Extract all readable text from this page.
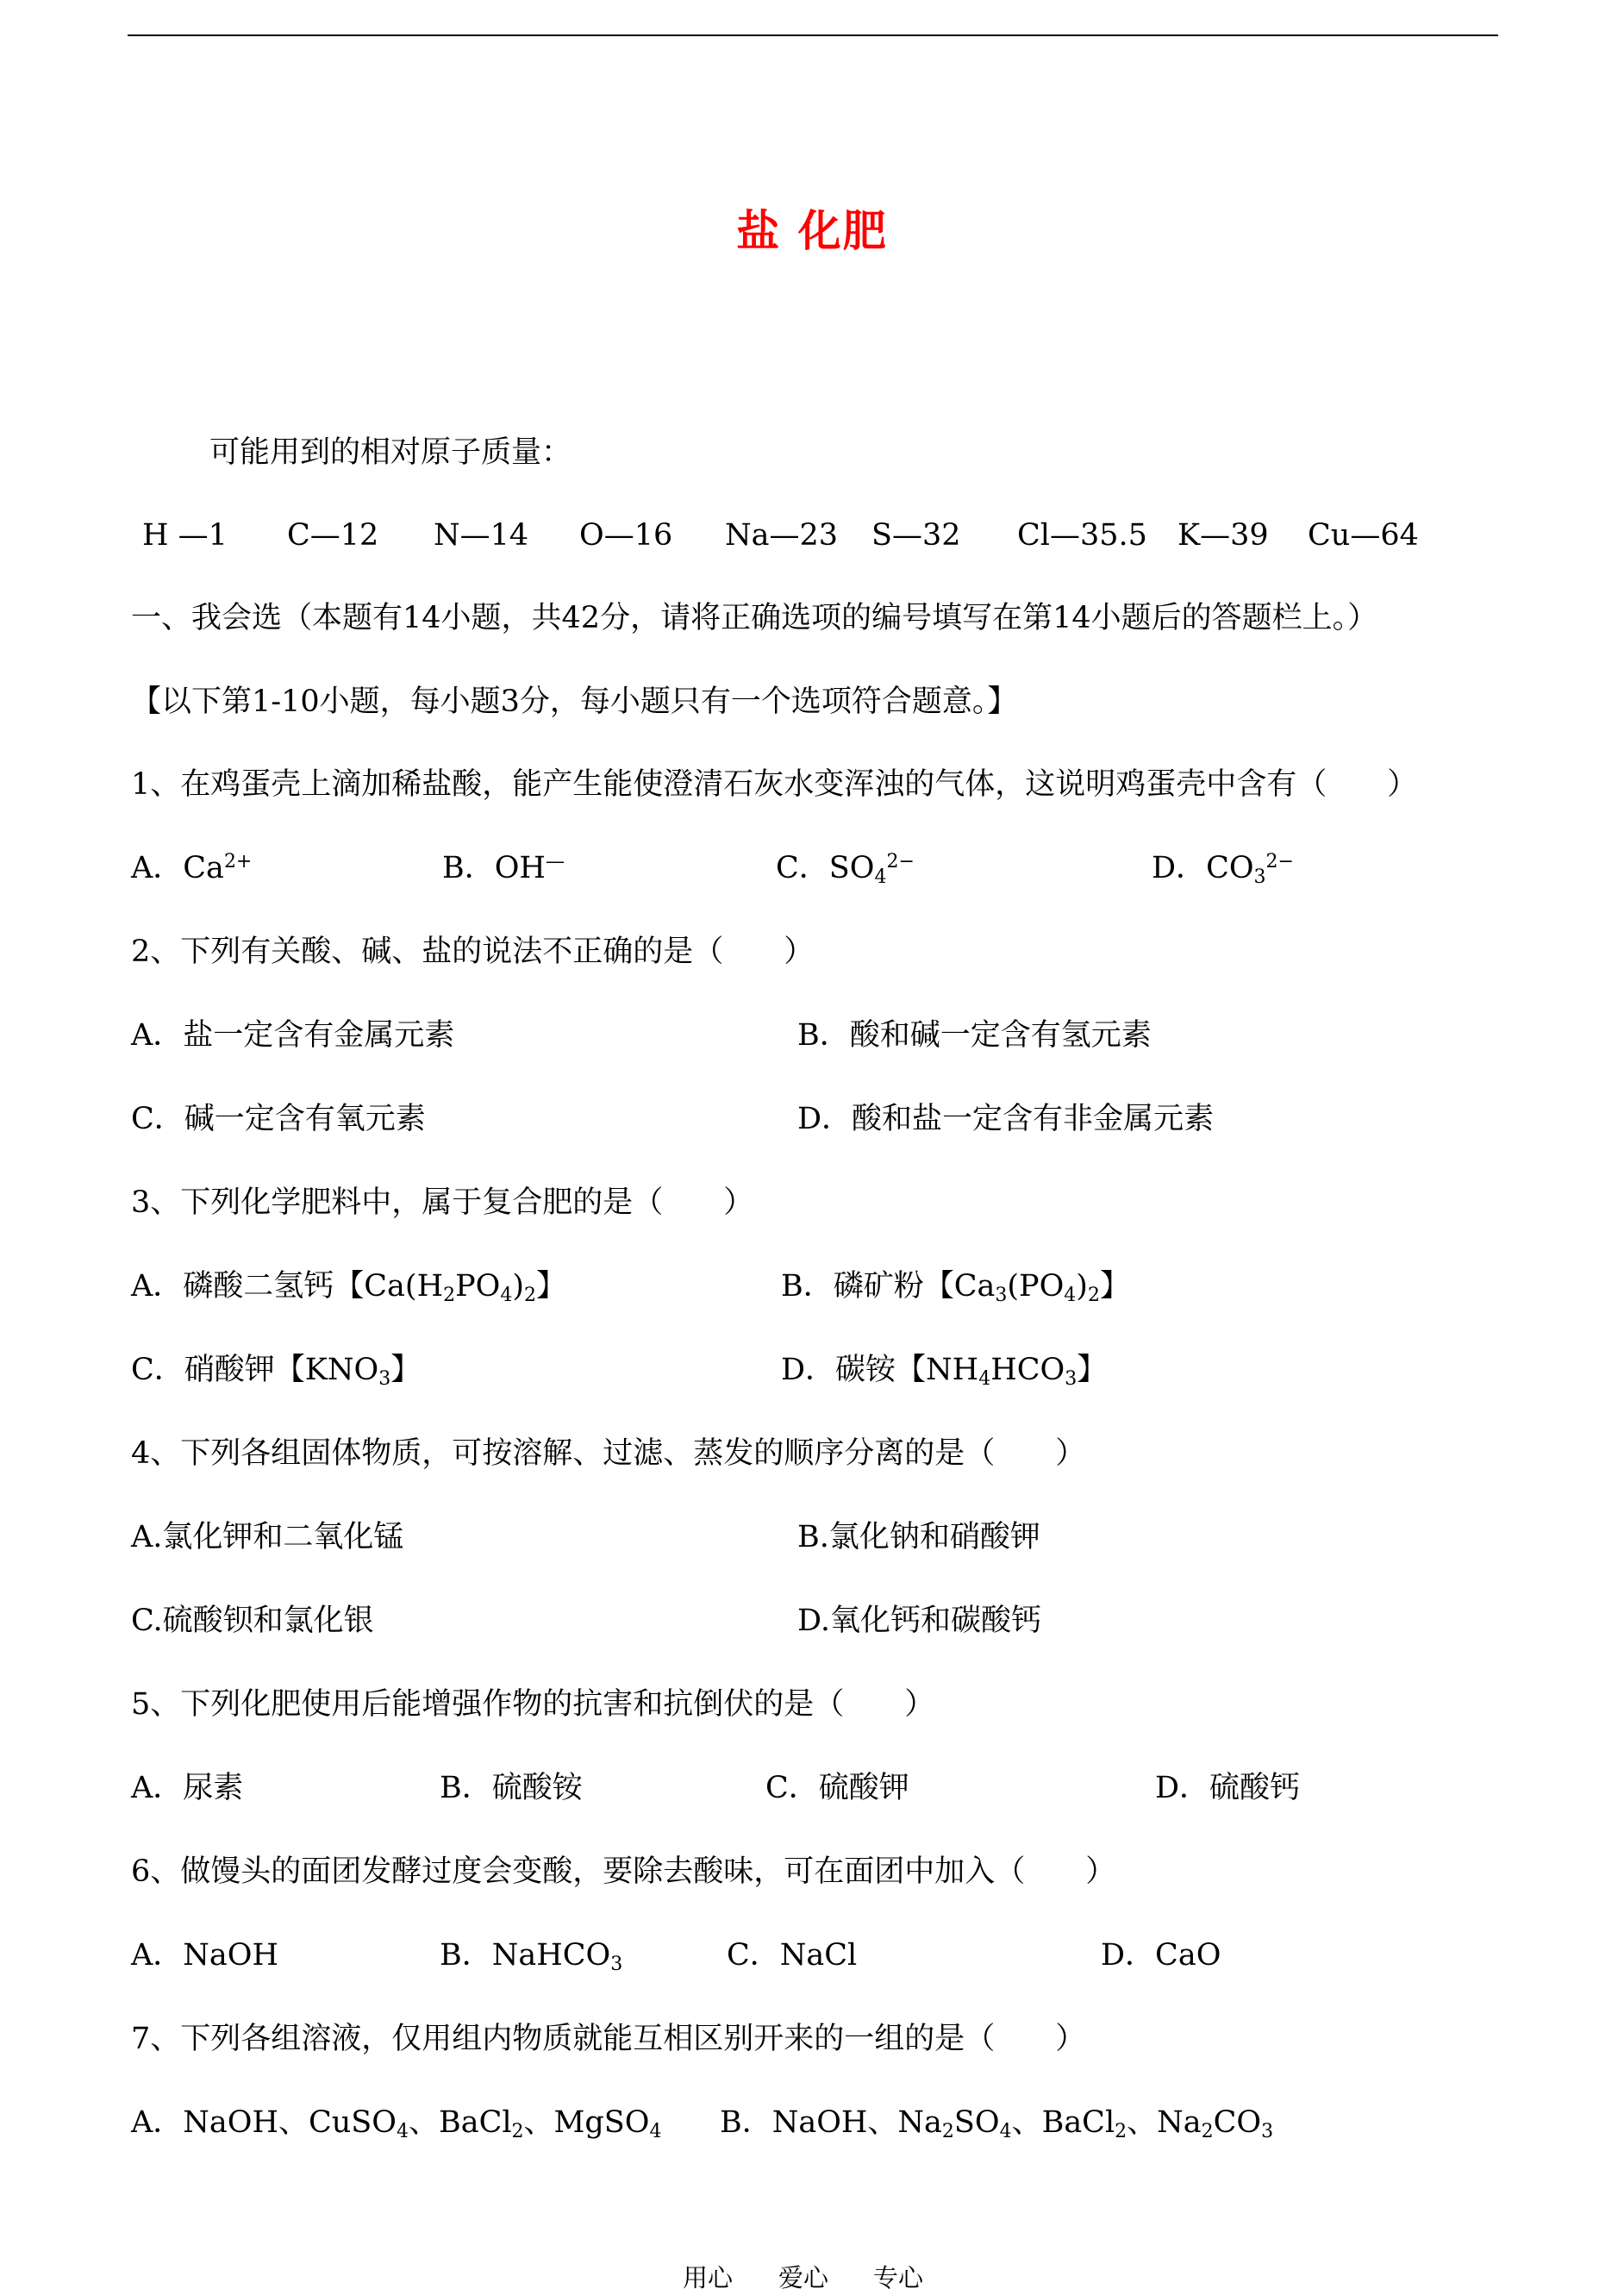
盐 化肥
可能用到的相对原子质量：
H —1 C—12 N—14 O—16 Na—23 S—32 Cl—35.5 K—39 Cu—64
一、我会选（本题有14小题，共42分，请将正确选项的编号填写在第14小题后的答题栏上。）
【以下第1-10小题，每小题3分，每小题只有一个选项符合题意。】
1、在鸡蛋壳上滴加稀盐酸，能产生能使澄清石灰水变浑浊的气体，这说明鸡蛋壳中含有（　　）
A．$Ca^{2+}$	B．OH—	C．$SO_4^{2-}$	D．$CO_3^{2-}$
2、下列有关酸、碱、盐的说法不正确的是（　　）
A．盐一定含有金属元素	B．酸和碱一定含有氢元素
C．碱一定含有氧元素	D．酸和盐一定含有非金属元素
3、下列化学肥料中，属于复合肥的是（　　）
A．磷酸二氢钙【$Ca(H_2PO_4)_2$】	B．磷矿粉【$Ca_3(PO_4)_2$】
C．硝酸钾【$KNO_3$】	D．碳铵【$NH_4HCO_3$】
4、下列各组固体物质，可按溶解、过滤、蒸发的顺序分离的是（　　）
A.氯化钾和二氧化锰	B.氯化钠和硝酸钾
C.硫酸钡和氯化银	D.氧化钙和碳酸钙
5、下列化肥使用后能增强作物的抗害和抗倒伏的是（　　）
A．尿素	B．硫酸铵	C．硫酸钾	D．硫酸钙
6、做馒头的面团发酵过度会变酸，要除去酸味，可在面团中加入（　　）
A．NaOH	B．NaHCO$_3$	C．NaCl	D．CaO
7、下列各组溶液，仅用组内物质就能互相区别开来的一组的是（　　）
A．NaOH、CuSO$_4$、BaCl$_2$、MgSO$_4$ B．NaOH、$Na_2SO_4$、BaCl$_2$、$Na_2CO_3$
用心 爱心 专心
